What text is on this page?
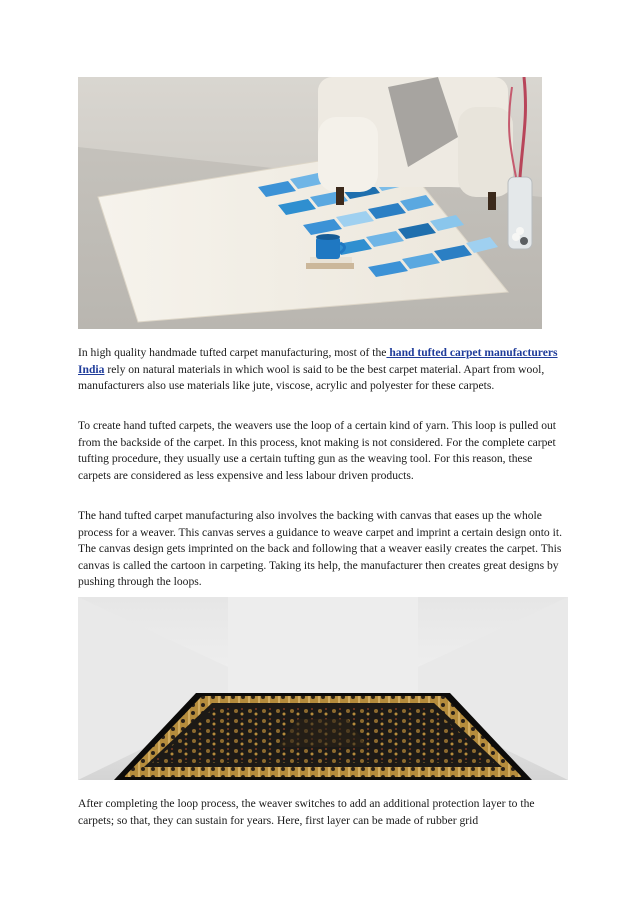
In high quality handmade tufted carpet manufacturing, most of the hand tufted carpet manufacturers India rely on natural materials in which wool is said to be the best carpet material. Apart from wool, manufacturers also use materials like jute, viscose, acrylic and polyester for these carpets.

To create hand tufted carpets, the weavers use the loop of a certain kind of yarn. This loop is pulled out from the backside of the carpet. In this process, knot making is not considered. For the complete carpet tufting procedure, they usually use a certain tufting gun as the weaving tool. For this reason, these carpets are considered as less expensive and less labour driven products.

The hand tufted carpet manufacturing also involves the backing with canvas that eases up the whole process for a weaver. This canvas serves a guidance to weave carpet and imprint a certain design onto it. The canvas design gets imprinted on the back and following that a weaver easily creates the carpet. This canvas is called the cartoon in carpeting. Taking its help, the manufacturer then creates great designs by pushing through the loops.

After completing the loop process, the weaver switches to add an additional protection layer to the carpets; so that, they can sustain for years. Here, first layer can be made of rubber grid
